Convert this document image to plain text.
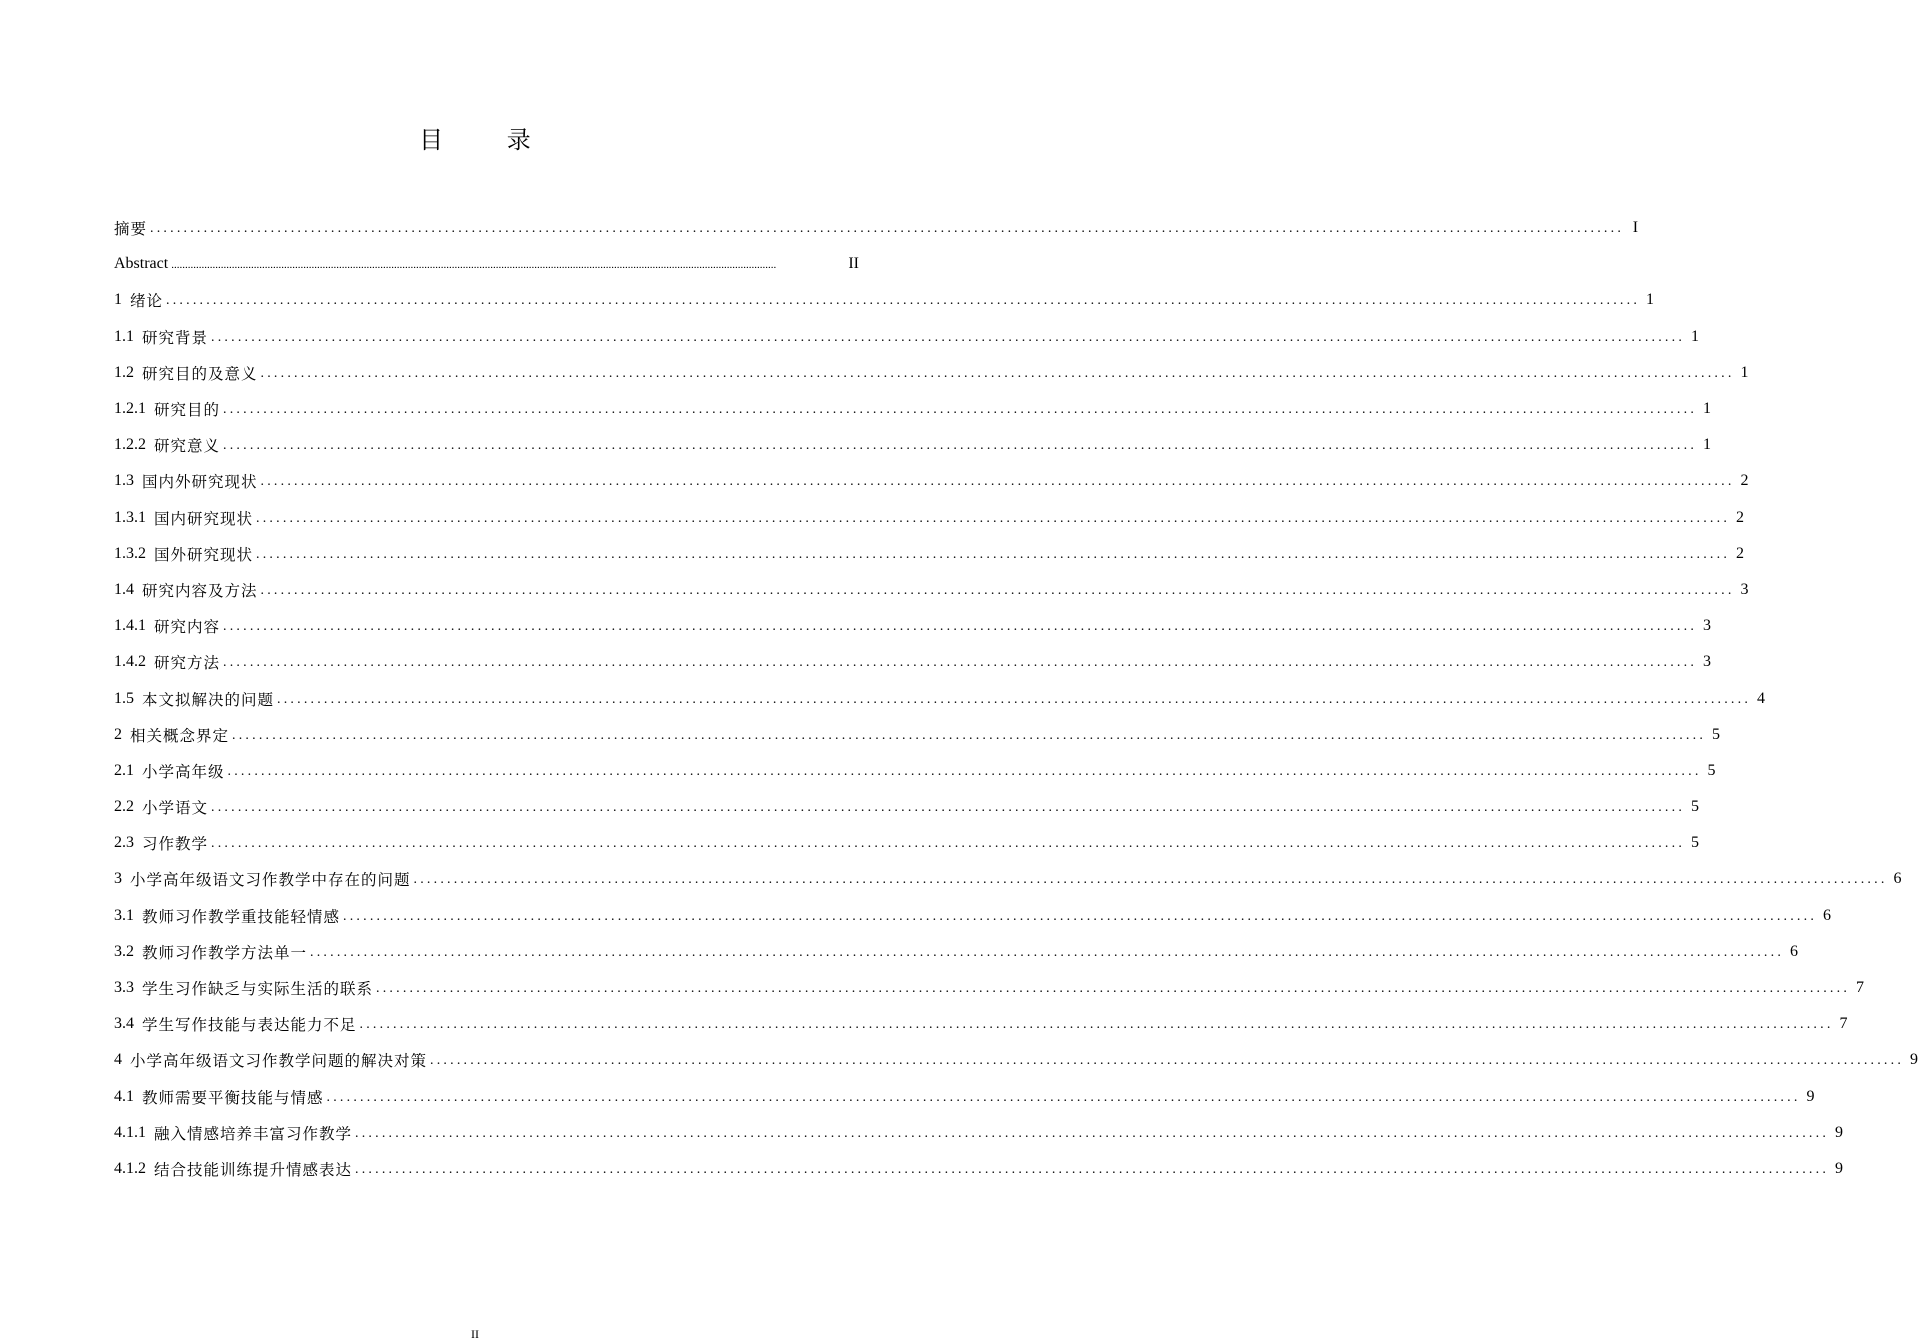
目 录
摘要 ............................................................................................................................................................................................................................ I
Abstract ............................................................................................................................................................................................................................	II
1 绪论 ............................................................................................................................................................................................................................ 1
1.1 研究背景 ............................................................................................................................................................................................................................ 1
1.2 研究目的及意义 ............................................................................................................................................................................................................................ 1
1.2.1 研究目的 ............................................................................................................................................................................................................................ 1
1.2.2 研究意义 ............................................................................................................................................................................................................................ 1
1.3 国内外研究现状 ............................................................................................................................................................................................................................ 2
1.3.1 国内研究现状 ............................................................................................................................................................................................................................ 2
1.3.2 国外研究现状 ............................................................................................................................................................................................................................ 2
1.4 研究内容及方法 ............................................................................................................................................................................................................................ 3
1.4.1 研究内容 ............................................................................................................................................................................................................................ 3
1.4.2 研究方法 ............................................................................................................................................................................................................................ 3
1.5 本文拟解决的问题 ............................................................................................................................................................................................................................ 4
2 相关概念界定 ............................................................................................................................................................................................................................ 5
2.1 小学高年级 ............................................................................................................................................................................................................................ 5
2.2 小学语文 ............................................................................................................................................................................................................................ 5
2.3 习作教学 ............................................................................................................................................................................................................................ 5
3 小学高年级语文习作教学中存在的问题 ............................................................................................................................................................................................................................ 6
3.1 教师习作教学重技能轻情感 ............................................................................................................................................................................................................................ 6
3.2 教师习作教学方法单一 ............................................................................................................................................................................................................................ 6
3.3 学生习作缺乏与实际生活的联系 ............................................................................................................................................................................................................................ 7
3.4 学生写作技能与表达能力不足 ............................................................................................................................................................................................................................ 7
4 小学高年级语文习作教学问题的解决对策 ............................................................................................................................................................................................................................ 9
4.1 教师需要平衡技能与情感 ............................................................................................................................................................................................................................ 9
4.1.1 融入情感培养丰富习作教学 ............................................................................................................................................................................................................................ 9
4.1.2 结合技能训练提升情感表达 ............................................................................................................................................................................................................................ 9
II
